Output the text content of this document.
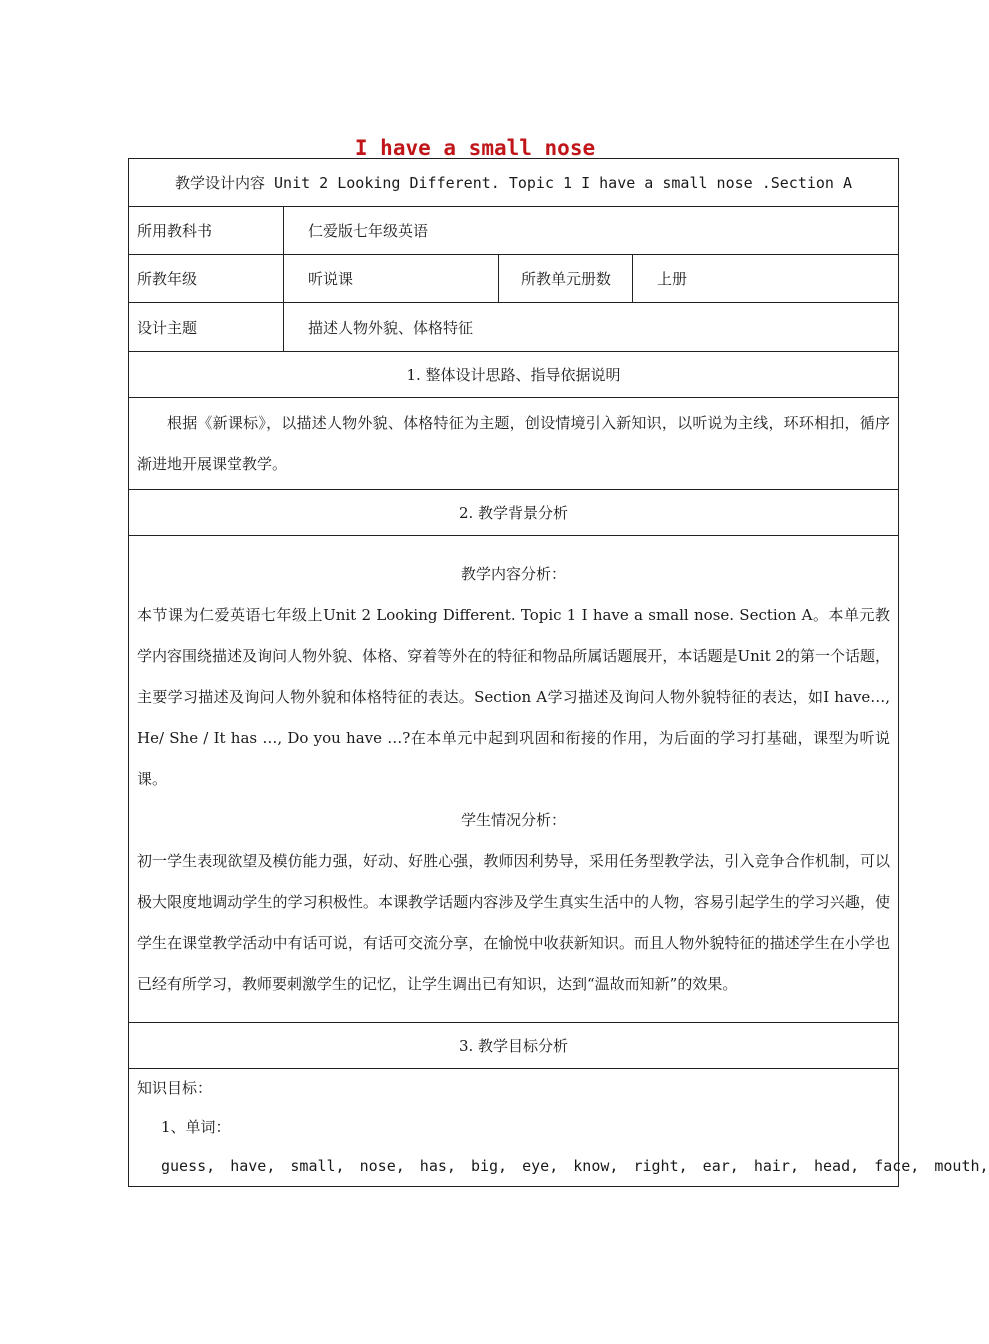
I have a small nose
教学设计内容 Unit 2 Looking Different. Topic 1 I have a small nose .Section A			
所用教科书	仁爱版七年级英语		
所教年级	听说课	所教单元册数	上册
设计主题	描述人物外貌、体格特征		
1. 整体设计思路、指导依据说明			

根据《新课标》，以描述人物外貌、体格特征为主题，创设情境引入新知识，以听说为主线，环环相扣，循序渐进地开展课堂教学。			

2. 教学背景分析			

教学内容分析：

本节课为仁爱英语七年级上Unit 2 Looking Different. Topic 1 I have a small nose. Section A。本单元教学内容围绕描述及询问人物外貌、体格、穿着等外在的特征和物品所属话题展开，本话题是Unit 2的第一个话题，主要学习描述及询问人物外貌和体格特征的表达。Section A学习描述及询问人物外貌特征的表达，如I have…, He/ She / It has …, Do you have …?在本单元中起到巩固和衔接的作用，为后面的学习打基础，课型为听说课。

学生情况分析：

初一学生表现欲望及模仿能力强，好动、好胜心强，教师因利势导，采用任务型教学法，引入竞争合作机制，可以极大限度地调动学生的学习积极性。本课教学话题内容涉及学生真实生活中的人物，容易引起学生的学习兴趣，使学生在课堂教学活动中有话可说，有话可交流分享，在愉悦中收获新知识。而且人物外貌特征的描述学生在小学也已经有所学习，教师要刺激学生的记忆，让学生调出已有知识，达到“温故而知新”的效果。			

3. 教学目标分析			

知识目标：

1、单词：

guess, have, small, nose, has, big, eye, know, right, ear, hair, head, face, mouth,			
